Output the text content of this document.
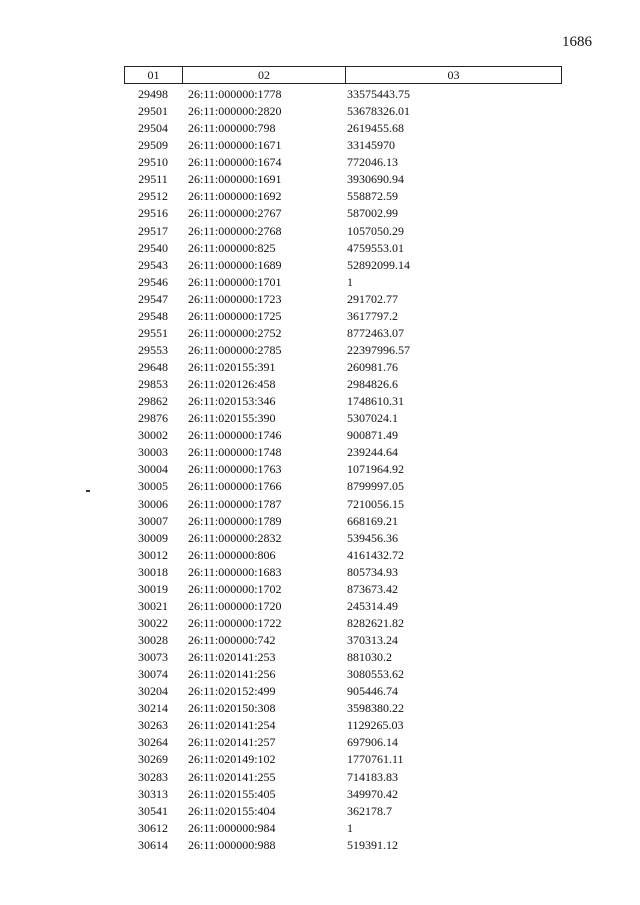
1686
01	02	03
29498	26:11:000000:1778	33575443.75
29501	26:11:000000:2820	53678326.01
29504	26:11:000000:798	2619455.68
29509	26:11:000000:1671	33145970
29510	26:11:000000:1674	772046.13
29511	26:11:000000:1691	3930690.94
29512	26:11:000000:1692	558872.59
29516	26:11:000000:2767	587002.99
29517	26:11:000000:2768	1057050.29
29540	26:11:000000:825	4759553.01
29543	26:11:000000:1689	52892099.14
29546	26:11:000000:1701	1
29547	26:11:000000:1723	291702.77
29548	26:11:000000:1725	3617797.2
29551	26:11:000000:2752	8772463.07
29553	26:11:000000:2785	22397996.57
29648	26:11:020155:391	260981.76
29853	26:11:020126:458	2984826.6
29862	26:11:020153:346	1748610.31
29876	26:11:020155:390	5307024.1
30002	26:11:000000:1746	900871.49
30003	26:11:000000:1748	239244.64
30004	26:11:000000:1763	1071964.92
30005	26:11:000000:1766	8799997.05
30006	26:11:000000:1787	7210056.15
30007	26:11:000000:1789	668169.21
30009	26:11:000000:2832	539456.36
30012	26:11:000000:806	4161432.72
30018	26:11:000000:1683	805734.93
30019	26:11:000000:1702	873673.42
30021	26:11:000000:1720	245314.49
30022	26:11:000000:1722	8282621.82
30028	26:11:000000:742	370313.24
30073	26:11:020141:253	881030.2
30074	26:11:020141:256	3080553.62
30204	26:11:020152:499	905446.74
30214	26:11:020150:308	3598380.22
30263	26:11:020141:254	1129265.03
30264	26:11:020141:257	697906.14
30269	26:11:020149:102	1770761.11
30283	26:11:020141:255	714183.83
30313	26:11:020155:405	349970.42
30541	26:11:020155:404	362178.7
30612	26:11:000000:984	1
30614	26:11:000000:988	519391.12
